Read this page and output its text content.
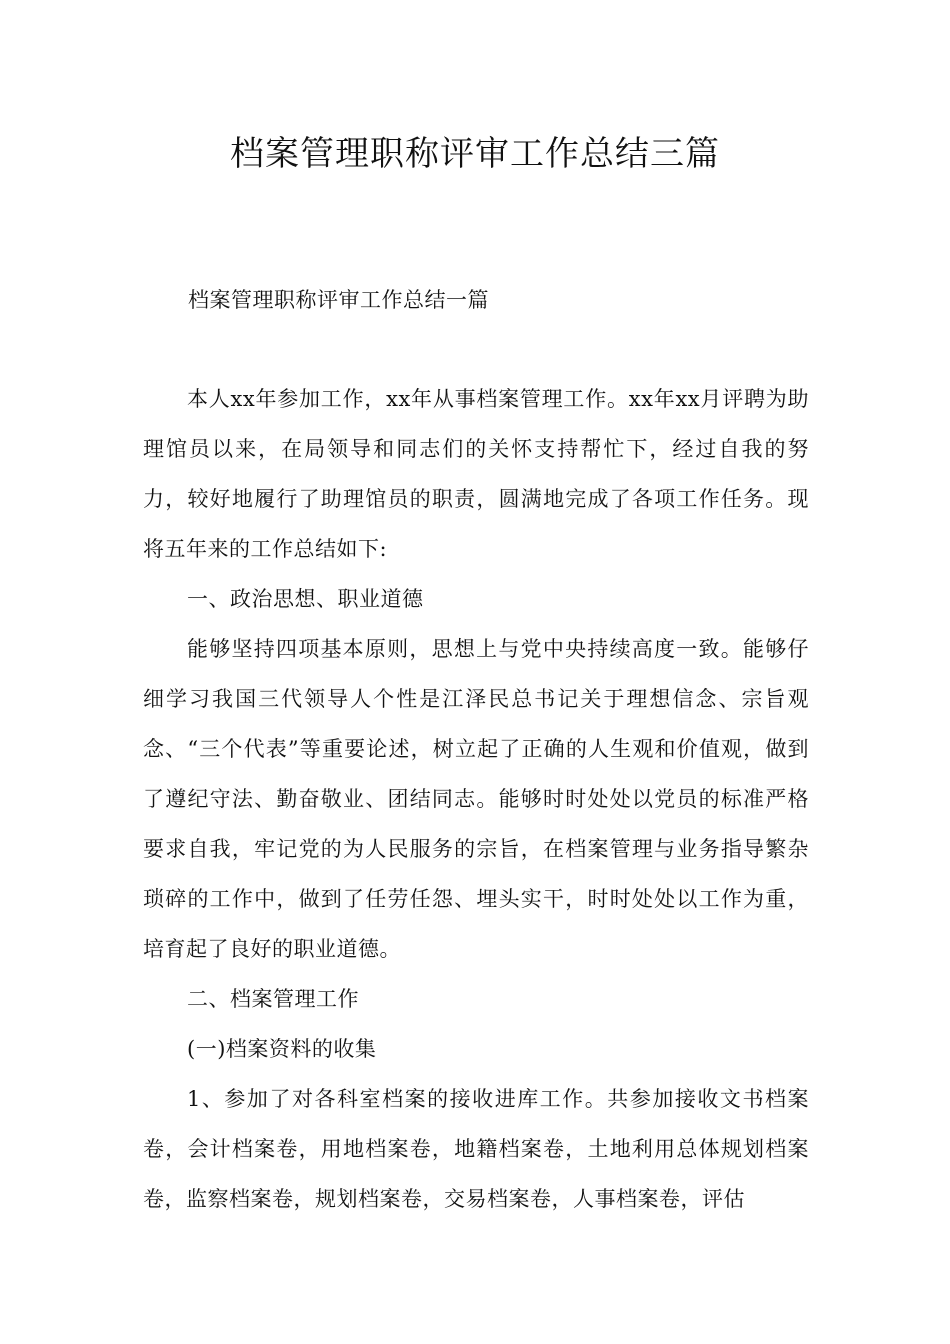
档案管理职称评审工作总结三篇

档案管理职称评审工作总结一篇

本人xx年参加工作，xx年从事档案管理工作。xx年xx月评聘为助理馆员以来，在局领导和同志们的关怀支持帮忙下，经过自我的努力，较好地履行了助理馆员的职责，圆满地完成了各项工作任务。现将五年来的工作总结如下:

一、政治思想、职业道德

能够坚持四项基本原则，思想上与党中央持续高度一致。能够仔细学习我国三代领导人个性是江泽民总书记关于理想信念、宗旨观念、“三个代表”等重要论述，树立起了正确的人生观和价值观，做到了遵纪守法、勤奋敬业、团结同志。能够时时处处以党员的标准严格要求自我，牢记党的为人民服务的宗旨，在档案管理与业务指导繁杂琐碎的工作中，做到了任劳任怨、埋头实干，时时处处以工作为重，培育起了良好的职业道德。

二、档案管理工作

(一)档案资料的收集

1、参加了对各科室档案的接收进库工作。共参加接收文书档案卷，会计档案卷，用地档案卷，地籍档案卷，土地利用总体规划档案卷，监察档案卷，规划档案卷，交易档案卷，人事档案卷，评估
